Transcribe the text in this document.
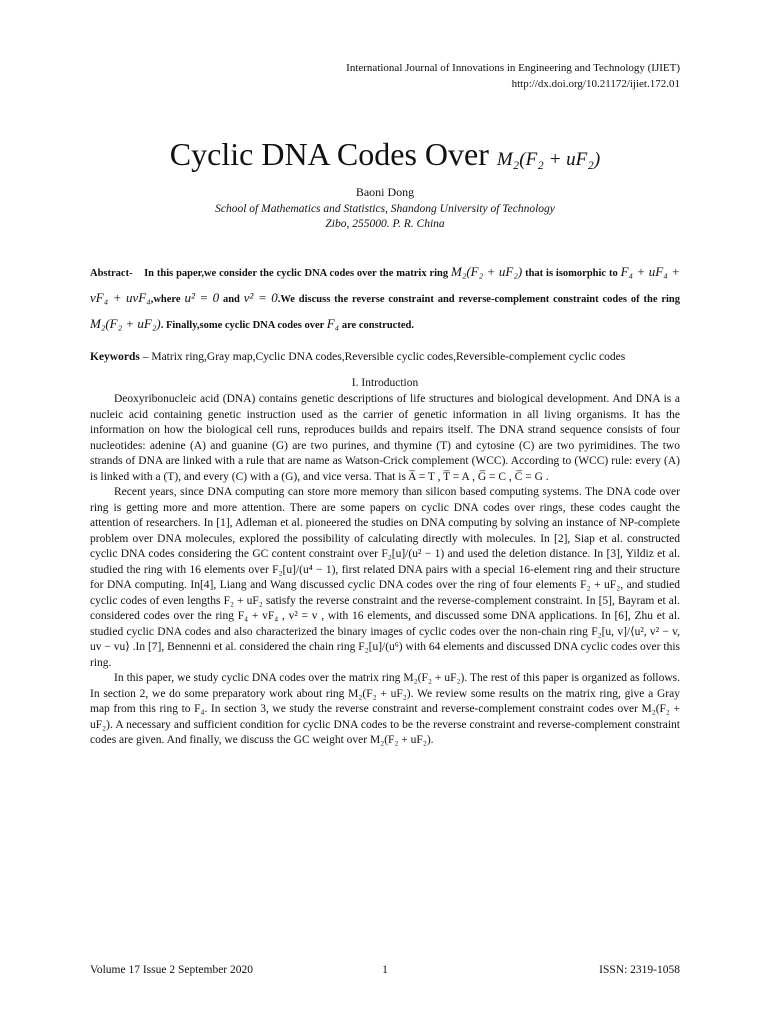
International Journal of Innovations in Engineering and Technology (IJIET)
http://dx.doi.org/10.21172/ijiet.172.01
Cyclic DNA Codes Over M₂(F₂ + uF₂)
Baoni Dong
School of Mathematics and Statistics, Shandong University of Technology
Zibo, 255000. P. R. China

Abstract- In this paper,we consider the cyclic DNA codes over the matrix ring M₂(F₂ + uF₂) that is isomorphic to F₄ + uF₄ + vF₄ + uvF₄,where u² = 0 and v² = 0.We discuss the reverse constraint and reverse-complement constraint codes of the ring M₂(F₂ + uF₂). Finally,some cyclic DNA codes over F₄ are constructed.

Keywords – Matrix ring,Gray map,Cyclic DNA codes,Reversible cyclic codes,Reversible-complement cyclic codes
I. Introduction

Deoxyribonucleic acid (DNA) contains genetic descriptions of life structures and biological development. And DNA is a nucleic acid containing genetic instruction used as the carrier of genetic information in all living organisms. It has the information on how the biological cell runs, reproduces builds and repairs itself. The DNA strand sequence consists of four nucleotides: adenine (A) and guanine (G) are two purines, and thymine (T) and cytosine (C) are two pyrimidines. The two strands of DNA are linked with a rule that are name as Watson-Crick complement (WCC). According to (WCC) rule: every (A) is linked with a (T), and every (C) with a (G), and vice versa. That is A̅ = T , T̅ = A , G̅ = C , C̅ = G .

Recent years, since DNA computing can store more memory than silicon based computing systems. The DNA code over ring is getting more and more attention. There are some papers on cyclic DNA codes over rings, these codes caught the attention of researchers. In [1], Adleman et al. pioneered the studies on DNA computing by solving an instance of NP-complete problem over DNA molecules, explored the possibility of calculating directly with molecules. In [2], Siap et al. constructed cyclic DNA codes considering the GC content constraint over F₂[u]/(u² − 1) and used the deletion distance. In [3], Yildiz et al. studied the ring with 16 elements over F₂[u]/(u⁴ − 1), first related DNA pairs with a special 16-element ring and their structure for DNA computing. In[4], Liang and Wang discussed cyclic DNA codes over the ring of four elements F₂ + uF₂, and studied cyclic codes of even lengths F₂ + uF₂ satisfy the reverse constraint and the reverse-complement constraint. In [5], Bayram et al. considered codes over the ring F₄ + vF₄ , v² = v , with 16 elements, and discussed some DNA applications. In [6], Zhu et al. studied cyclic DNA codes and also characterized the binary images of cyclic codes over the non-chain ring F₂[u, v]/⟨u², v² − v, uv − vu⟩ .In [7], Bennenni et al. considered the chain ring F₂[u]/(u⁶) with 64 elements and discussed DNA cyclic codes over this ring.

In this paper, we study cyclic DNA codes over the matrix ring M₂(F₂ + uF₂). The rest of this paper is organized as follows. In section 2, we do some preparatory work about ring M₂(F₂ + uF₂). We review some results on the matrix ring, give a Gray map from this ring to F₄. In section 3, we study the reverse constraint and reverse-complement constraint codes over M₂(F₂ + uF₂). A necessary and sufficient condition for cyclic DNA codes to be the reverse constraint and reverse-complement constraint codes are given. And finally, we discuss the GC weight over M₂(F₂ + uF₂).

Volume 17 Issue 2 September 2020	1	ISSN: 2319-1058
